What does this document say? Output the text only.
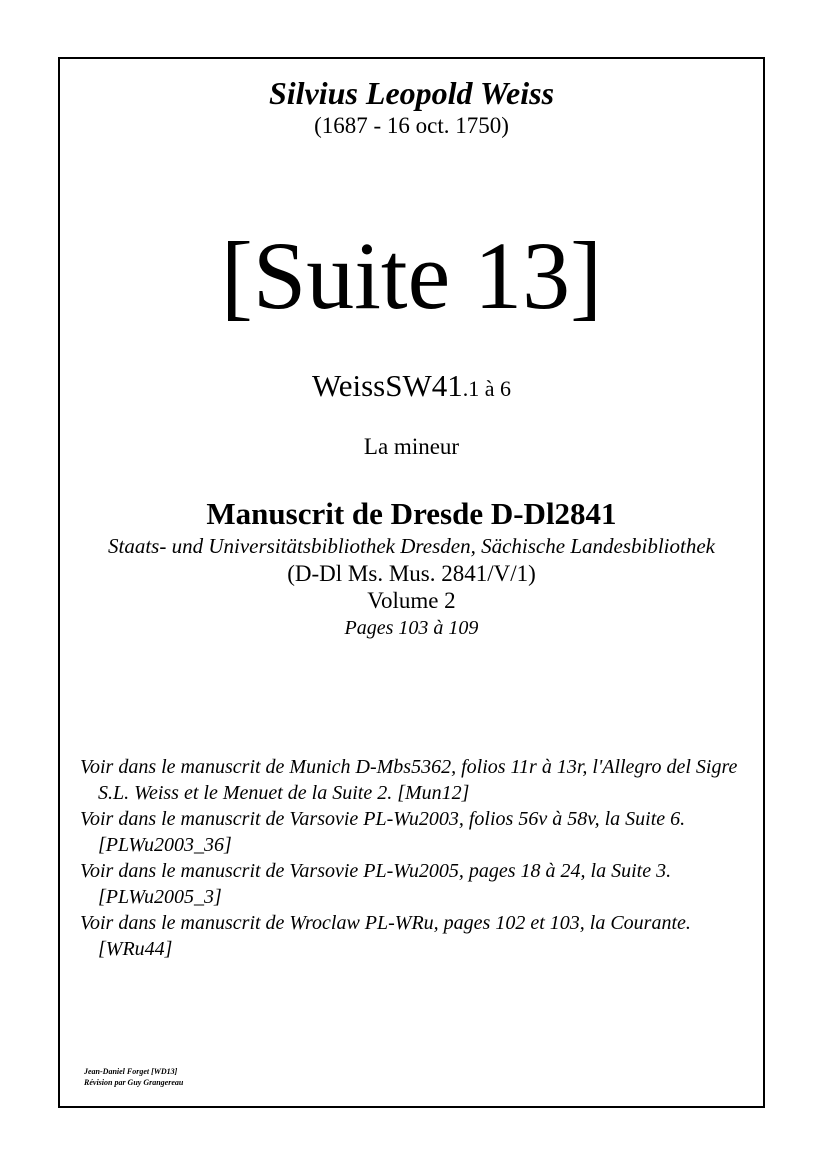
Silvius Leopold Weiss
(1687 - 16 oct. 1750)
[Suite 13]
WeissSW41.1 à 6
La mineur
Manuscrit de Dresde D-Dl2841
Staats- und Universitätsbibliothek Dresden, Sächische Landesbibliothek
(D-Dl Ms. Mus. 2841/V/1)
Volume 2
Pages 103 à 109
Voir dans le manuscrit de Munich D-Mbs5362, folios 11r à 13r, l'Allegro del Sigre S.L. Weiss et le Menuet de la Suite 2. [Mun12]
Voir dans le manuscrit de Varsovie PL-Wu2003, folios 56v à 58v, la Suite 6. [PLWu2003_36]
Voir dans le manuscrit de Varsovie PL-Wu2005, pages 18 à 24, la Suite 3. [PLWu2005_3]
Voir dans le manuscrit de Wroclaw PL-WRu, pages 102 et 103, la Courante. [WRu44]
Jean-Daniel Forget [WD13]
Révision par Guy Grangereau
